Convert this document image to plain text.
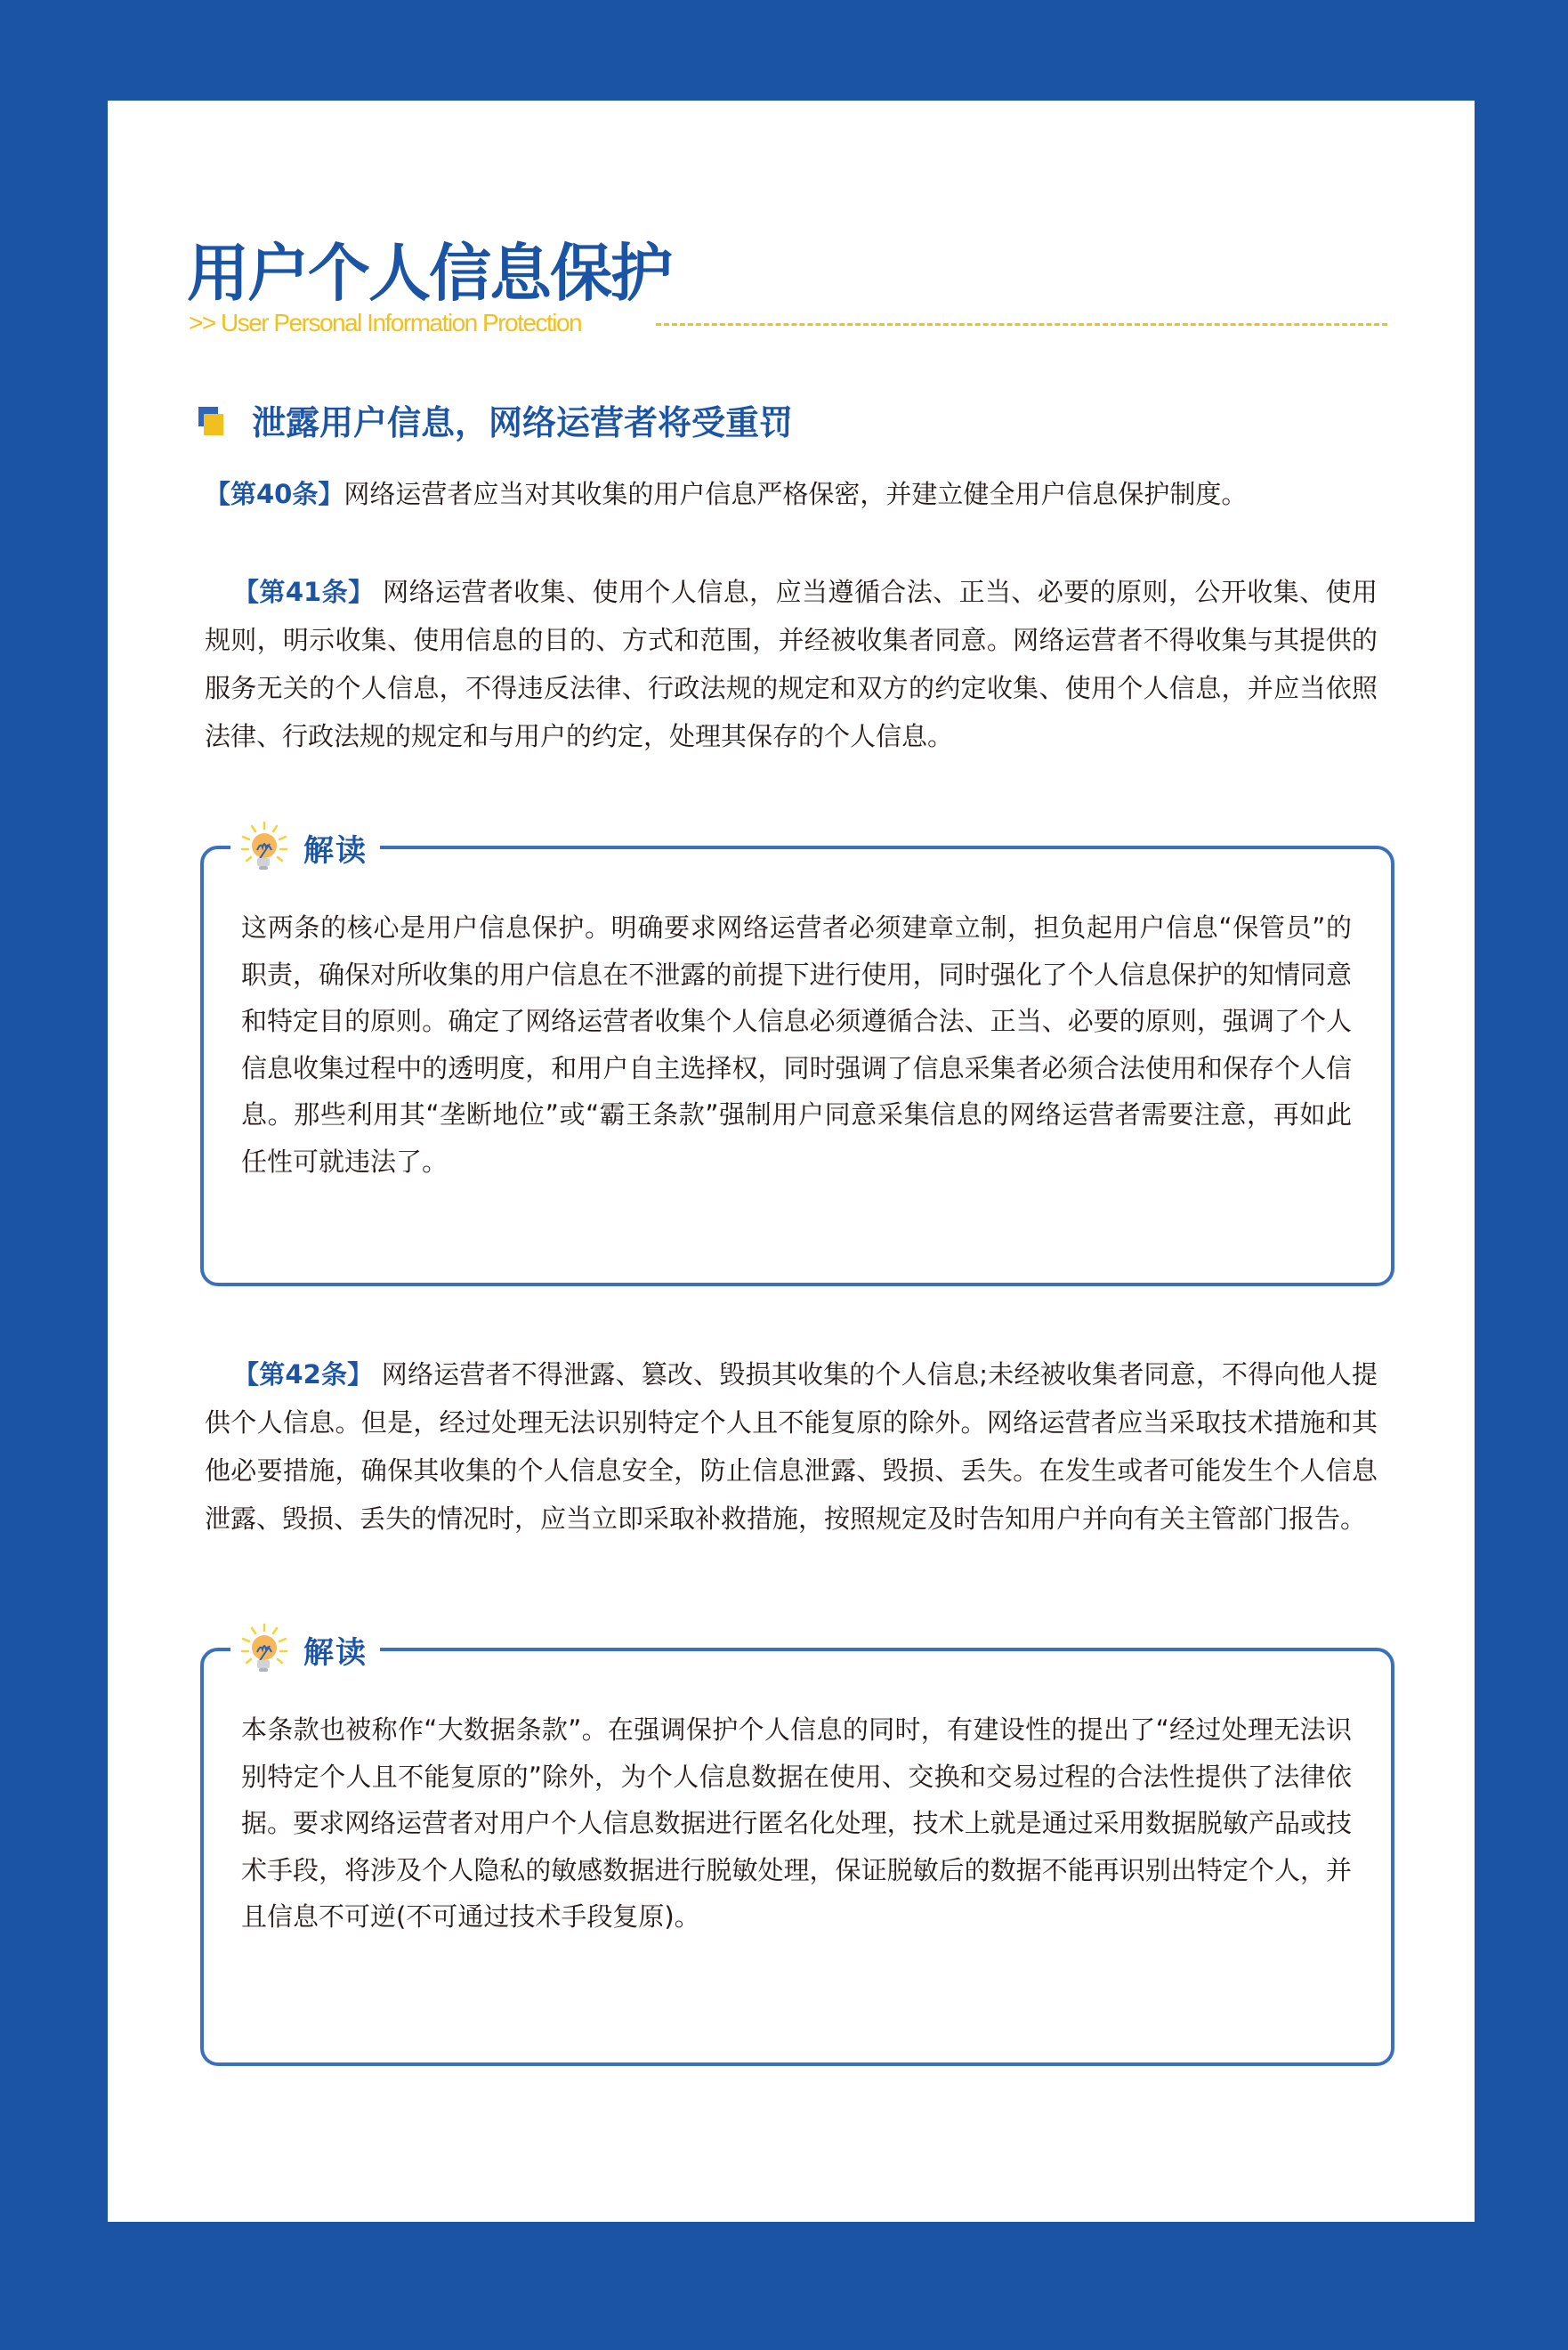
用户个人信息保护
>> User Personal Information Protection
泄露用户信息，网络运营者将受重罚
【第40条】网络运营者应当对其收集的用户信息严格保密，并建立健全用户信息保护制度。
【第41条】 网络运营者收集、使用个人信息，应当遵循合法、正当、必要的原则，公开收集、使用规则，明示收集、使用信息的目的、方式和范围，并经被收集者同意。网络运营者不得收集与其提供的服务无关的个人信息，不得违反法律、行政法规的规定和双方的约定收集、使用个人信息，并应当依照法律、行政法规的规定和与用户的约定，处理其保存的个人信息。
解读
这两条的核心是用户信息保护。明确要求网络运营者必须建章立制，担负起用户信息“保管员”的职责，确保对所收集的用户信息在不泄露的前提下进行使用，同时强化了个人信息保护的知情同意和特定目的原则。确定了网络运营者收集个人信息必须遵循合法、正当、必要的原则，强调了个人信息收集过程中的透明度，和用户自主选择权，同时强调了信息采集者必须合法使用和保存个人信息。那些利用其“垄断地位”或“霸王条款”强制用户同意采集信息的网络运营者需要注意，再如此任性可就违法了。
【第42条】 网络运营者不得泄露、篡改、毁损其收集的个人信息;未经被收集者同意，不得向他人提供个人信息。但是，经过处理无法识别特定个人且不能复原的除外。网络运营者应当采取技术措施和其他必要措施，确保其收集的个人信息安全，防止信息泄露、毁损、丢失。在发生或者可能发生个人信息泄露、毁损、丢失的情况时，应当立即采取补救措施，按照规定及时告知用户并向有关主管部门报告。
解读
本条款也被称作“大数据条款”。在强调保护个人信息的同时，有建设性的提出了“经过处理无法识别特定个人且不能复原的”除外，为个人信息数据在使用、交换和交易过程的合法性提供了法律依据。要求网络运营者对用户个人信息数据进行匿名化处理，技术上就是通过采用数据脱敏产品或技术手段，将涉及个人隐私的敏感数据进行脱敏处理，保证脱敏后的数据不能再识别出特定个人，并且信息不可逆(不可通过技术手段复原)。
